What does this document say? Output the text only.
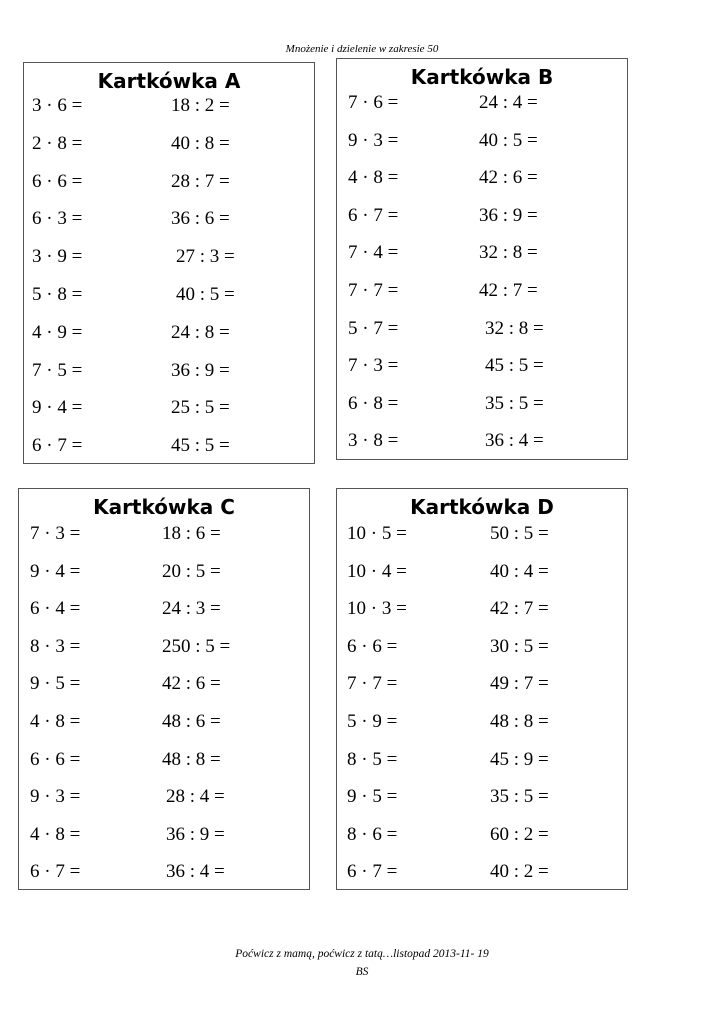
Mnożenie i dzielenie w zakresie 50
Kartkówka A
3 · 6 =	18 : 2 =
2 · 8 =	40 : 8 =
6 · 6 =	28 : 7 =
6 · 3 =	36 : 6 =
3 · 9 =	27 : 3 =
5 · 8 =	40 : 5 =
4 · 9 =	24 : 8 =
7 · 5 =	36 : 9 =
9 · 4 =	25 : 5 =
6 · 7 =	45 : 5 =
Kartkówka B
7 · 6 =	24 : 4 =
9 · 3 =	40 : 5 =
4 · 8 =	42 : 6 =
6 · 7 =	36 : 9 =
7 · 4 =	32 : 8 =
7 · 7 =	42 : 7 =
5 · 7 =	32 : 8 =
7 · 3 =	45 : 5 =
6 · 8 =	35 : 5 =
3 · 8 =	36 : 4 =
Kartkówka C
7 · 3 =	18 : 6 =
9 · 4 =	20 : 5 =
6 · 4 =	24 : 3 =
8 · 3 =	250 : 5 =
9 · 5 =	42 : 6 =
4 · 8 =	48 : 6 =
6 · 6 =	48 : 8 =
9 · 3 =	28 : 4 =
4 · 8 =	36 : 9 =
6 · 7 =	36 : 4 =
Kartkówka D
10 · 5 =	50 : 5 =
10 · 4 =	40 : 4 =
10 · 3 =	42 : 7 =
6 · 6 =	30 : 5 =
7 · 7 =	49 : 7 =
5 · 9 =	48 : 8 =
8 · 5 =	45 : 9 =
9 · 5 =	35 : 5 =
8 · 6 =	60 : 2 =
6 · 7 =	40 : 2 =
Poćwicz z mamą, poćwicz z tatą…listopad 2013-11- 19
BS
